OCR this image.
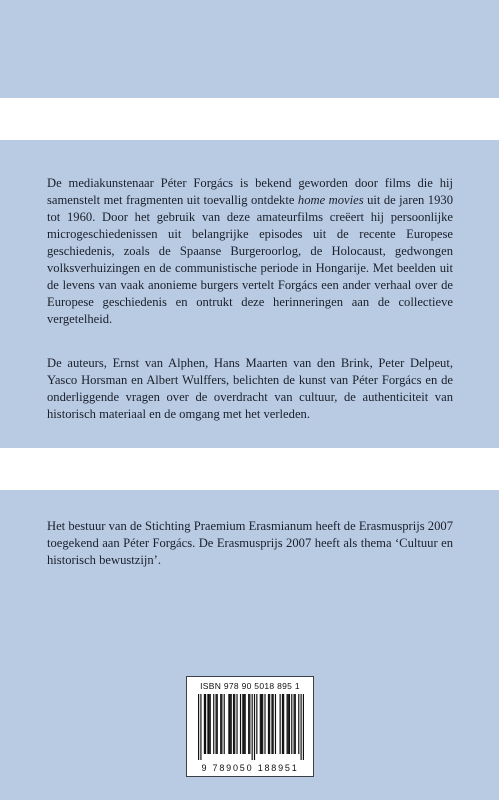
De mediakunstenaar Péter Forgács is bekend geworden door films die hij samenstelt met fragmenten uit toevallig ontdekte home movies uit de jaren 1930 tot 1960. Door het gebruik van deze amateurfilms creëert hij persoonlijke microgeschiedenissen uit belangrijke episodes uit de recente Europese geschiedenis, zoals de Spaanse Burgeroorlog, de Holocaust, gedwongen volksverhuizingen en de communistische periode in Hongarije. Met beelden uit de levens van vaak anonieme burgers vertelt Forgács een ander verhaal over de Europese geschiedenis en ontrukt deze herinneringen aan de collectieve vergetelheid.

De auteurs, Ernst van Alphen, Hans Maarten van den Brink, Peter Delpeut, Yasco Horsman en Albert Wulffers, belichten de kunst van Péter Forgács en de onderliggende vragen over de overdracht van cultuur, de authenticiteit van historisch materiaal en de omgang met het verleden.

Het bestuur van de Stichting Praemium Erasmianum heeft de Erasmusprijs 2007 toegekend aan Péter Forgács. De Erasmusprijs 2007 heeft als thema ‘Cultuur en historisch bewustzijn’.

ISBN 978 90 5018 895 1
9 789050 188951
